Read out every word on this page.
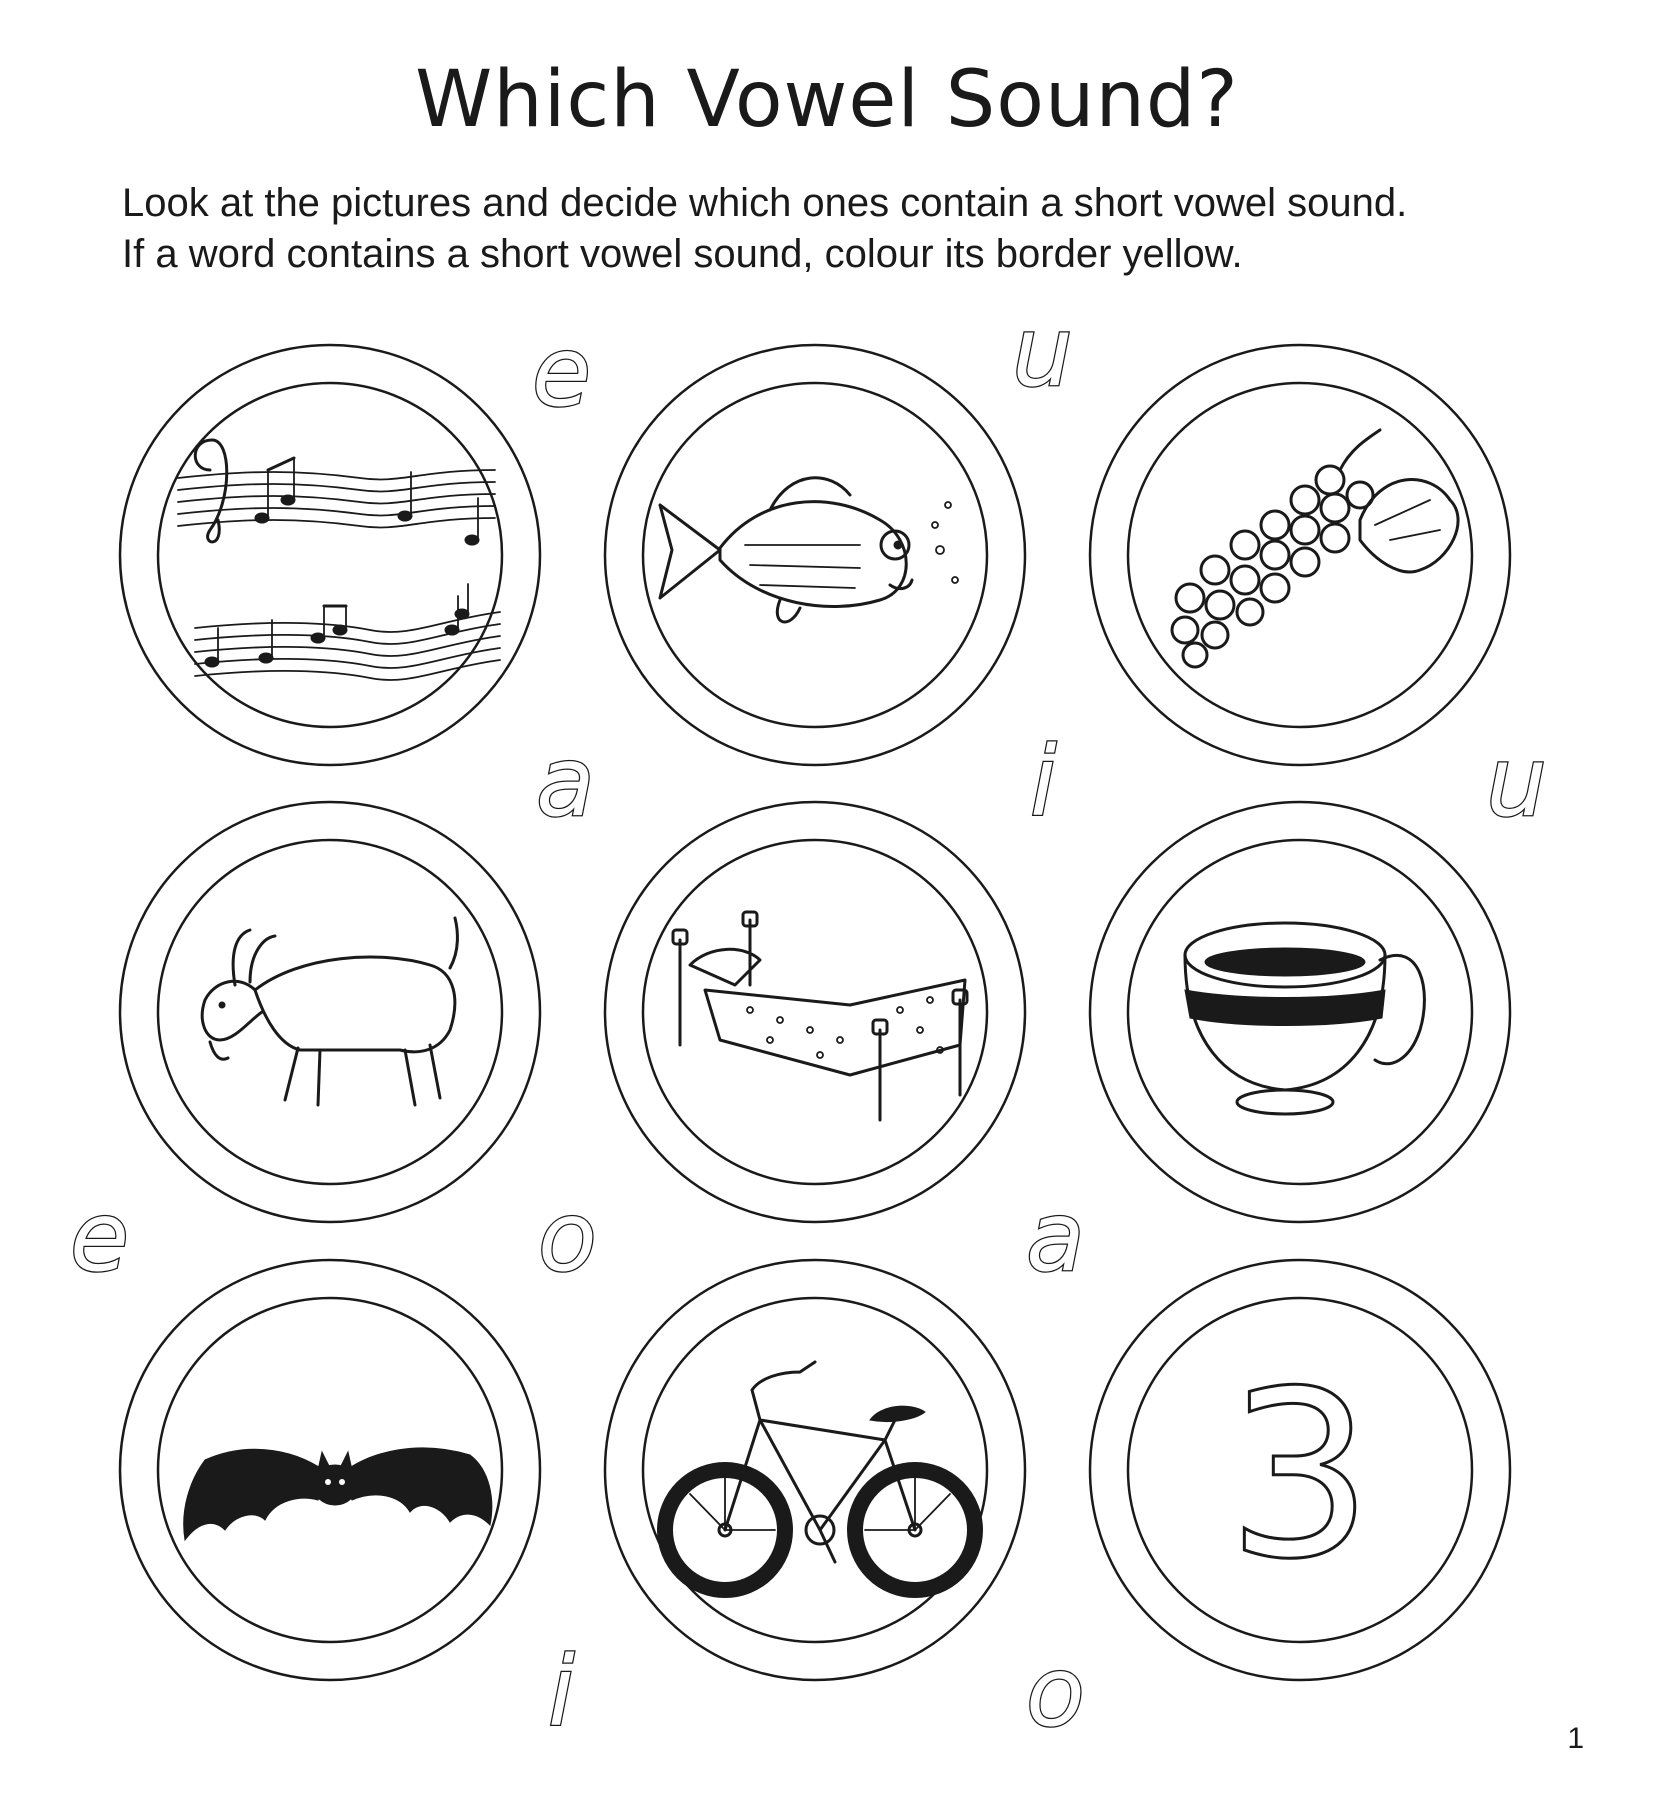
Which Vowel Sound?
Look at the pictures and decide which ones contain a short vowel sound.
If a word contains a short vowel sound, colour its border yellow.
e	u
a	i	u
e	o	a
i	o
3
1
